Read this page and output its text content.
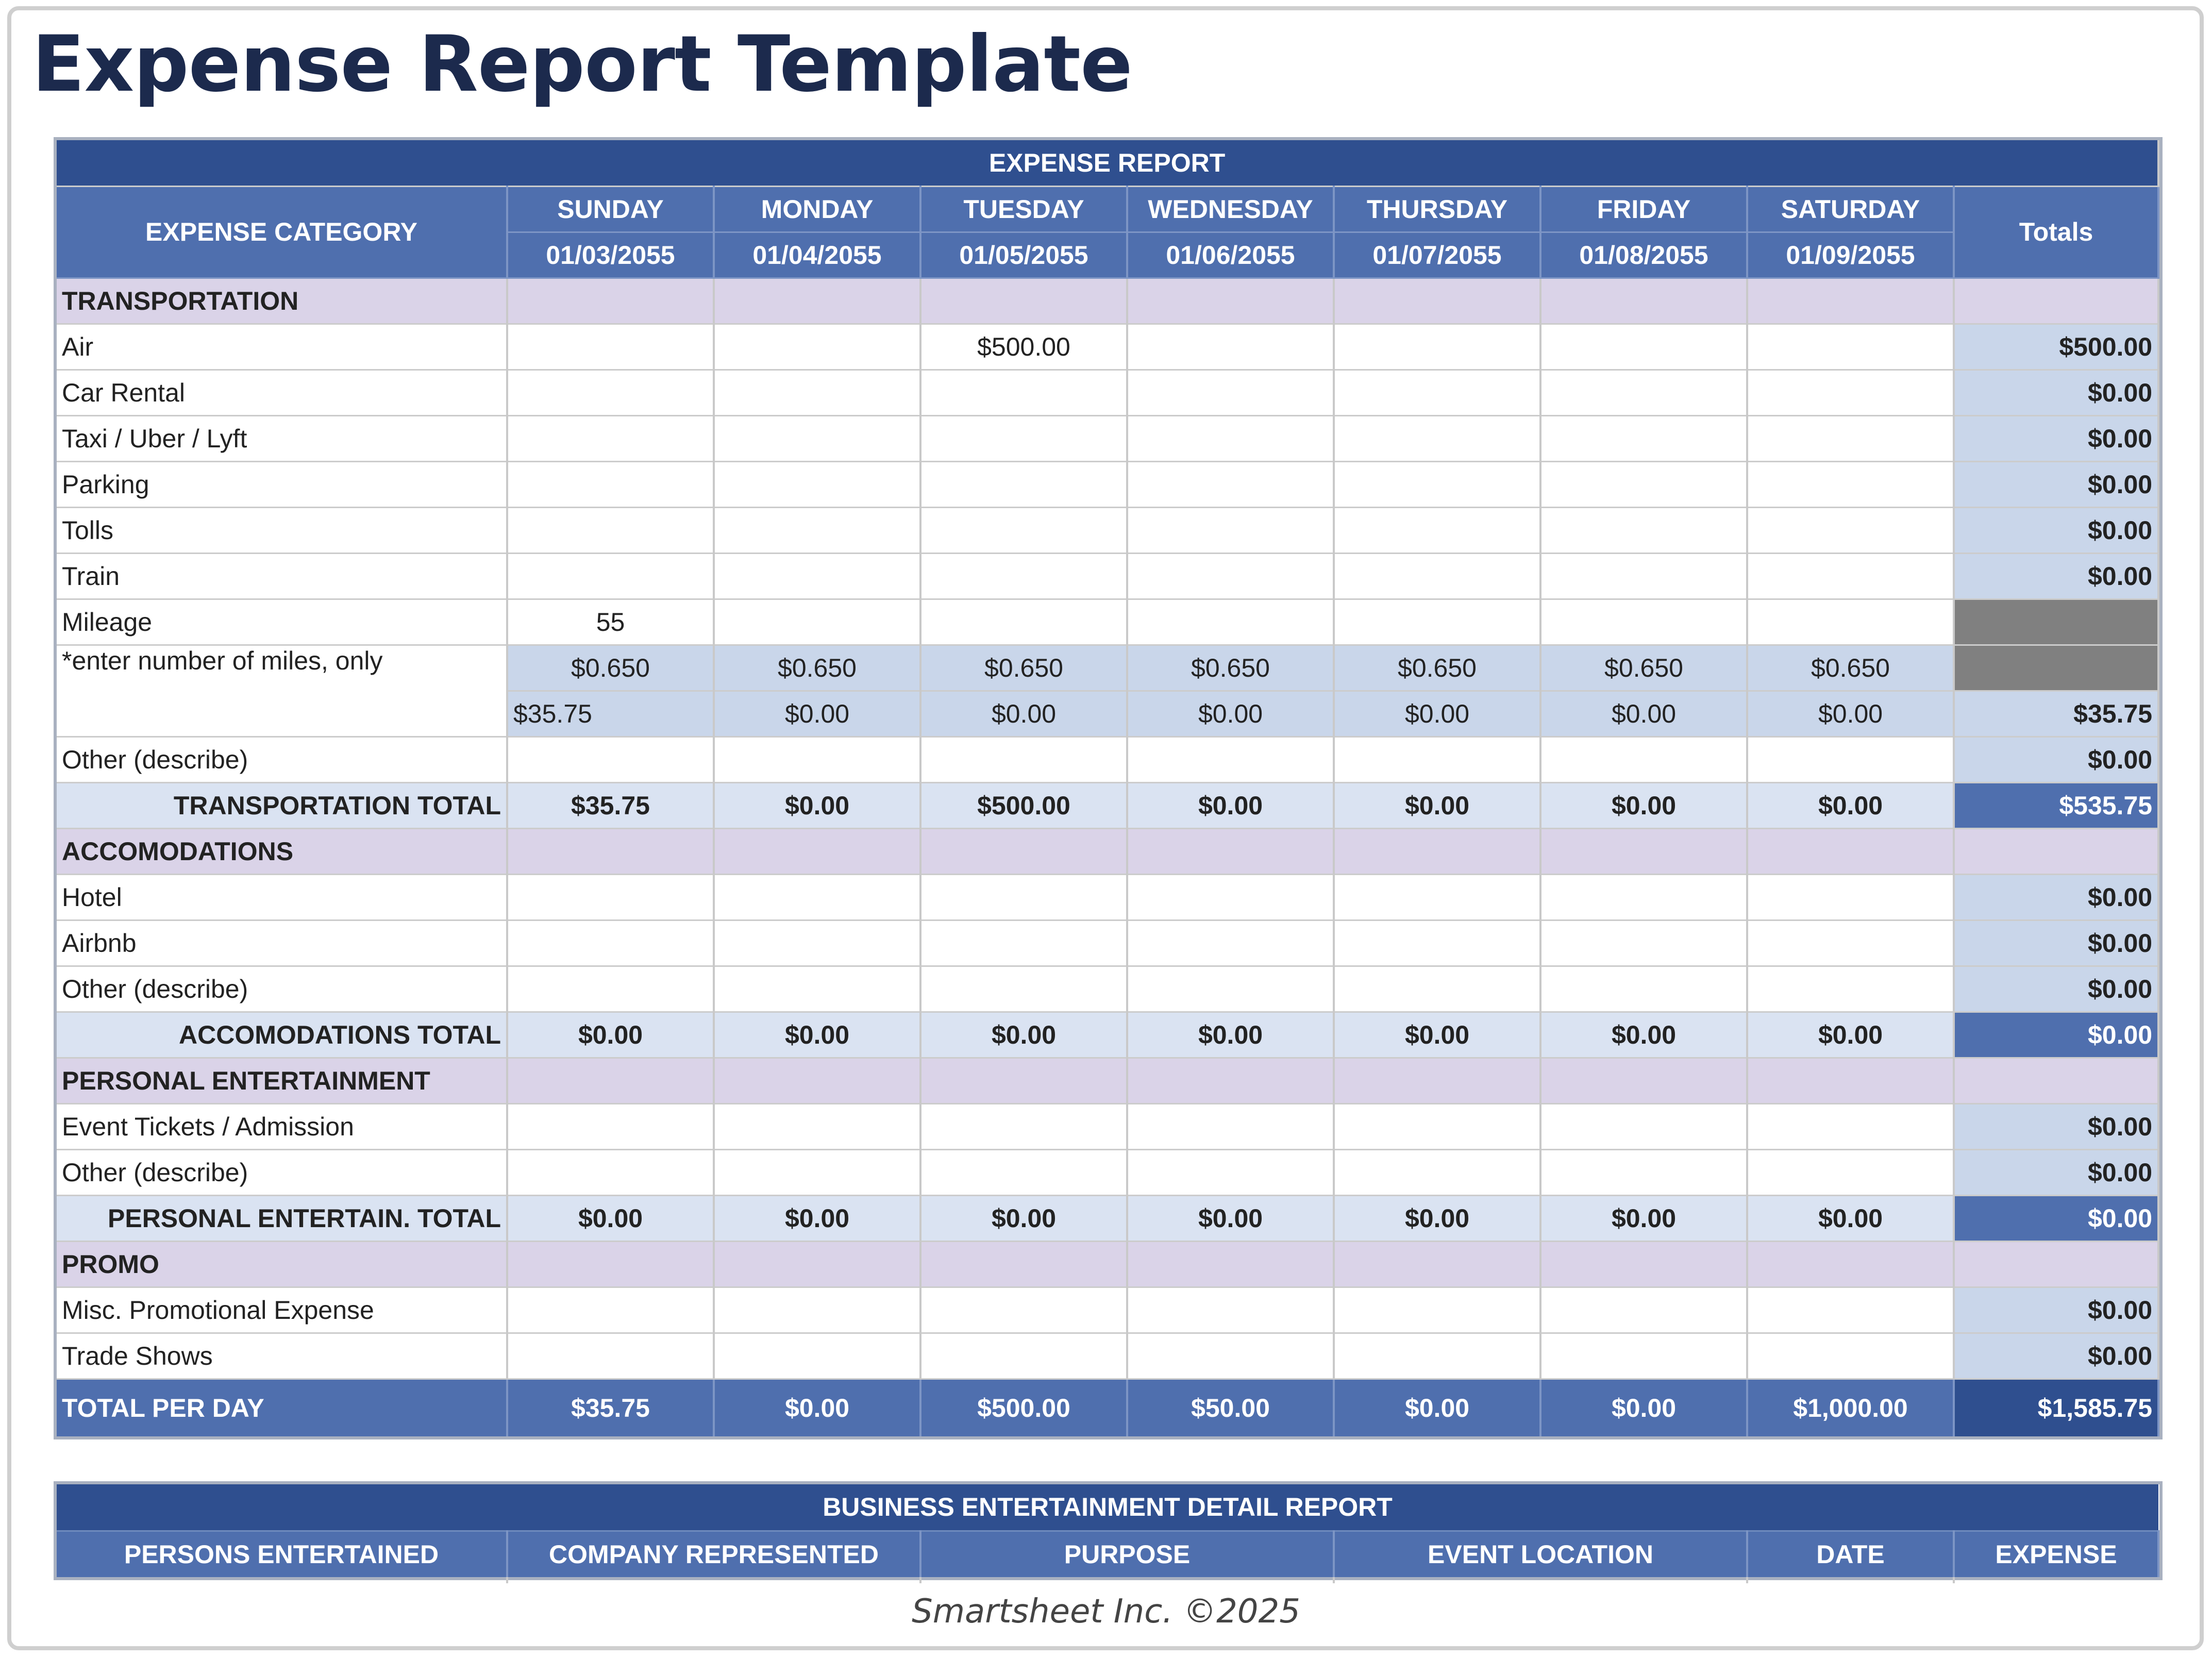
Expense Report Template
EXPENSE REPORT								
EXPENSE CATEGORY	SUNDAY	MONDAY	TUESDAY	WEDNESDAY	THURSDAY	FRIDAY	SATURDAY	Totals
	01/03/2055	01/04/2055	01/05/2055	01/06/2055	01/07/2055	01/08/2055	01/09/2055	
TRANSPORTATION								
Air			$500.00					$500.00
Car Rental								$0.00
Taxi / Uber / Lyft								$0.00
Parking								$0.00
Tolls								$0.00
Train								$0.00
Mileage	55							
*enter number of miles, only	$0.650	$0.650	$0.650	$0.650	$0.650	$0.650	$0.650	
	$35.75	$0.00	$0.00	$0.00	$0.00	$0.00	$0.00	$35.75
Other (describe)								$0.00
TRANSPORTATION TOTAL	$35.75	$0.00	$500.00	$0.00	$0.00	$0.00	$0.00	$535.75
ACCOMODATIONS								
Hotel								$0.00
Airbnb								$0.00
Other (describe)								$0.00
ACCOMODATIONS TOTAL	$0.00	$0.00	$0.00	$0.00	$0.00	$0.00	$0.00	$0.00
PERSONAL ENTERTAINMENT								
Event Tickets / Admission								$0.00
Other (describe)								$0.00
PERSONAL ENTERTAIN. TOTAL	$0.00	$0.00	$0.00	$0.00	$0.00	$0.00	$0.00	$0.00
PROMO								
Misc. Promotional Expense								$0.00
Trade Shows								$0.00
TOTAL PER DAY	$35.75	$0.00	$500.00	$50.00	$0.00	$0.00	$1,000.00	$1,585.75
BUSINESS ENTERTAINMENT DETAIL REPORT
PERSONS ENTERTAINED	COMPANY REPRESENTED	PURPOSE	EVENT LOCATION	DATE	EXPENSE
Smartsheet Inc. ©2025
